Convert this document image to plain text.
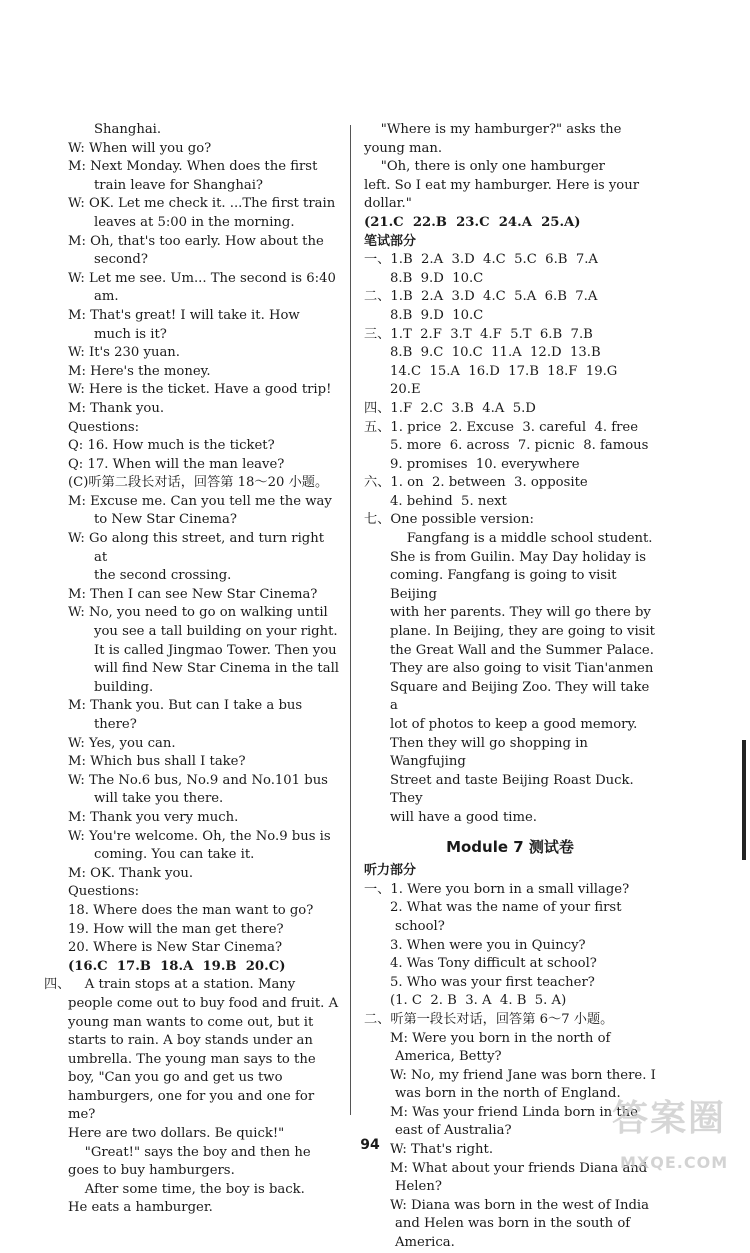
Shanghai.
W: When will you go?
M: Next Monday. When does the first
train leave for Shanghai?
W: OK. Let me check it. ...The first train
leaves at 5:00 in the morning.
M: Oh, that's too early. How about the
second?
W: Let me see. Um... The second is 6:40
am.
M: That's great! I will take it. How
much is it?
W: It's 230 yuan.
M: Here's the money.
W: Here is the ticket. Have a good trip!
M: Thank you.
Questions:
Q: 16. How much is the ticket?
Q: 17. When will the man leave?
(C)听第二段长对话，回答第 18～20 小题。
M: Excuse me. Can you tell me the way
to New Star Cinema?
W: Go along this street, and turn right at
the second crossing.
M: Then I can see New Star Cinema?
W: No, you need to go on walking until
you see a tall building on your right.
It is called Jingmao Tower. Then you
will find New Star Cinema in the tall
building.
M: Thank you. But can I take a bus
there?
W: Yes, you can.
M: Which bus shall I take?
W: The No.6 bus, No.9 and No.101 bus
will take you there.
M: Thank you very much.
W: You're welcome. Oh, the No.9 bus is
coming. You can take it.
M: OK. Thank you.
Questions:
18. Where does the man want to go?
19. How will the man get there?
20. Where is New Star Cinema?
(16.C  17.B  18.A  19.B  20.C)
四、
A train stops at a station. Many
people come out to buy food and fruit. A
young man wants to come out, but it
starts to rain. A boy stands under an
umbrella. The young man says to the
boy, "Can you go and get us two
hamburgers, one for you and one for me?
Here are two dollars. Be quick!"
"Great!" says the boy and then he
goes to buy hamburgers.
After some time, the boy is back.
He eats a hamburger.
"Where is my hamburger?" asks the
young man.
"Oh, there is only one hamburger
left. So I eat my hamburger. Here is your
dollar."
(21.C  22.B  23.C  24.A  25.A)
笔试部分
一、1.B  2.A  3.D  4.C  5.C  6.B  7.A
8.B  9.D  10.C
二、1.B  2.A  3.D  4.C  5.A  6.B  7.A
8.B  9.D  10.C
三、1.T  2.F  3.T  4.F  5.T  6.B  7.B
8.B  9.C  10.C  11.A  12.D  13.B
14.C  15.A  16.D  17.B  18.F  19.G
20.E
四、1.F  2.C  3.B  4.A  5.D
五、1. price  2. Excuse  3. careful  4. free
5. more  6. across  7. picnic  8. famous
9. promises  10. everywhere
六、1. on  2. between  3. opposite
4. behind  5. next
七、One possible version:
Fangfang is a middle school student.
She is from Guilin. May Day holiday is
coming. Fangfang is going to visit Beijing
with her parents. They will go there by
plane. In Beijing, they are going to visit
the Great Wall and the Summer Palace.
They are also going to visit Tian'anmen
Square and Beijing Zoo. They will take a
lot of photos to keep a good memory.
Then they will go shopping in Wangfujing
Street and taste Beijing Roast Duck. They
will have a good time.
Module 7 测试卷
听力部分
一、1. Were you born in a small village?
2. What was the name of your first
school?
3. When were you in Quincy?
4. Was Tony difficult at school?
5. Who was your first teacher?
(1. C  2. B  3. A  4. B  5. A)
二、听第一段长对话，回答第 6～7 小题。
M: Were you born in the north of
America, Betty?
W: No, my friend Jane was born there. I
was born in the north of England.
M: Was your friend Linda born in the
east of Australia?
W: That's right.
M: What about your friends Diana and
Helen?
W: Diana was born in the west of India
and Helen was born in the south of
America.
94
答案圈
MXQE.COM
